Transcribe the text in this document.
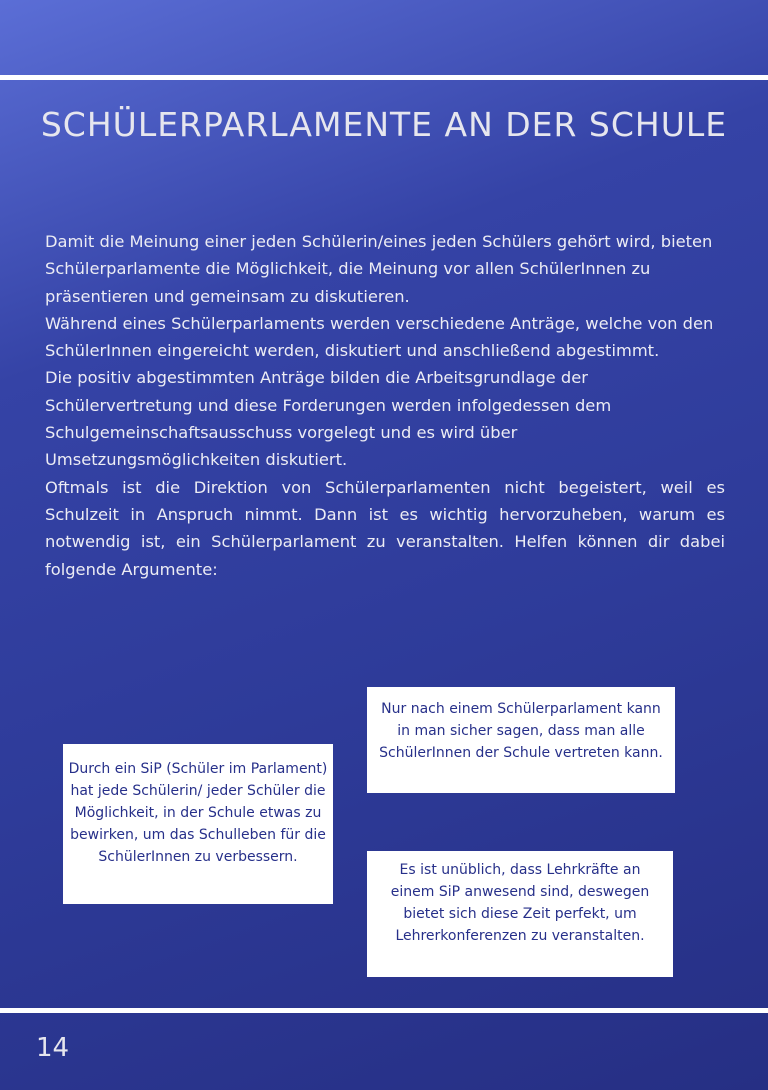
SCHÜLERPARLAMENTE AN DER SCHULE

Damit die Meinung einer jeden Schülerin/eines jeden Schülers gehört wird, bieten Schülerparlamente die Möglichkeit, die Meinung vor allen SchülerInnen zu präsentieren und gemeinsam zu diskutieren.

Während eines Schülerparlaments werden verschiedene Anträge, welche von den SchülerInnen eingereicht werden, diskutiert und anschließend abgestimmt.

Die positiv abgestimmten Anträge bilden die Arbeitsgrundlage der Schülervertretung und diese Forderungen werden infolgedessen dem Schulgemeinschaftsausschuss vorgelegt und es wird über Umsetzungsmöglichkeiten diskutiert.

Oftmals ist die Direktion von Schülerparlamenten nicht begeistert, weil es Schulzeit in Anspruch nimmt. Dann ist es wichtig hervorzuheben, warum es notwendig ist, ein Schülerparlament zu veranstalten. Helfen können dir dabei folgende Argumente:

Durch ein SiP (Schüler im Parlament) hat jede Schülerin/ jeder Schüler die Möglichkeit, in der Schule etwas zu bewirken, um das Schulleben für die SchülerInnen zu verbessern.
Nur nach einem Schülerparlament kann in man sicher sagen, dass man alle SchülerInnen der Schule vertreten kann.
Es ist unüblich, dass Lehrkräfte an einem SiP anwesend sind, deswegen bietet sich diese Zeit perfekt, um Lehrerkonferenzen zu veranstalten.
14
